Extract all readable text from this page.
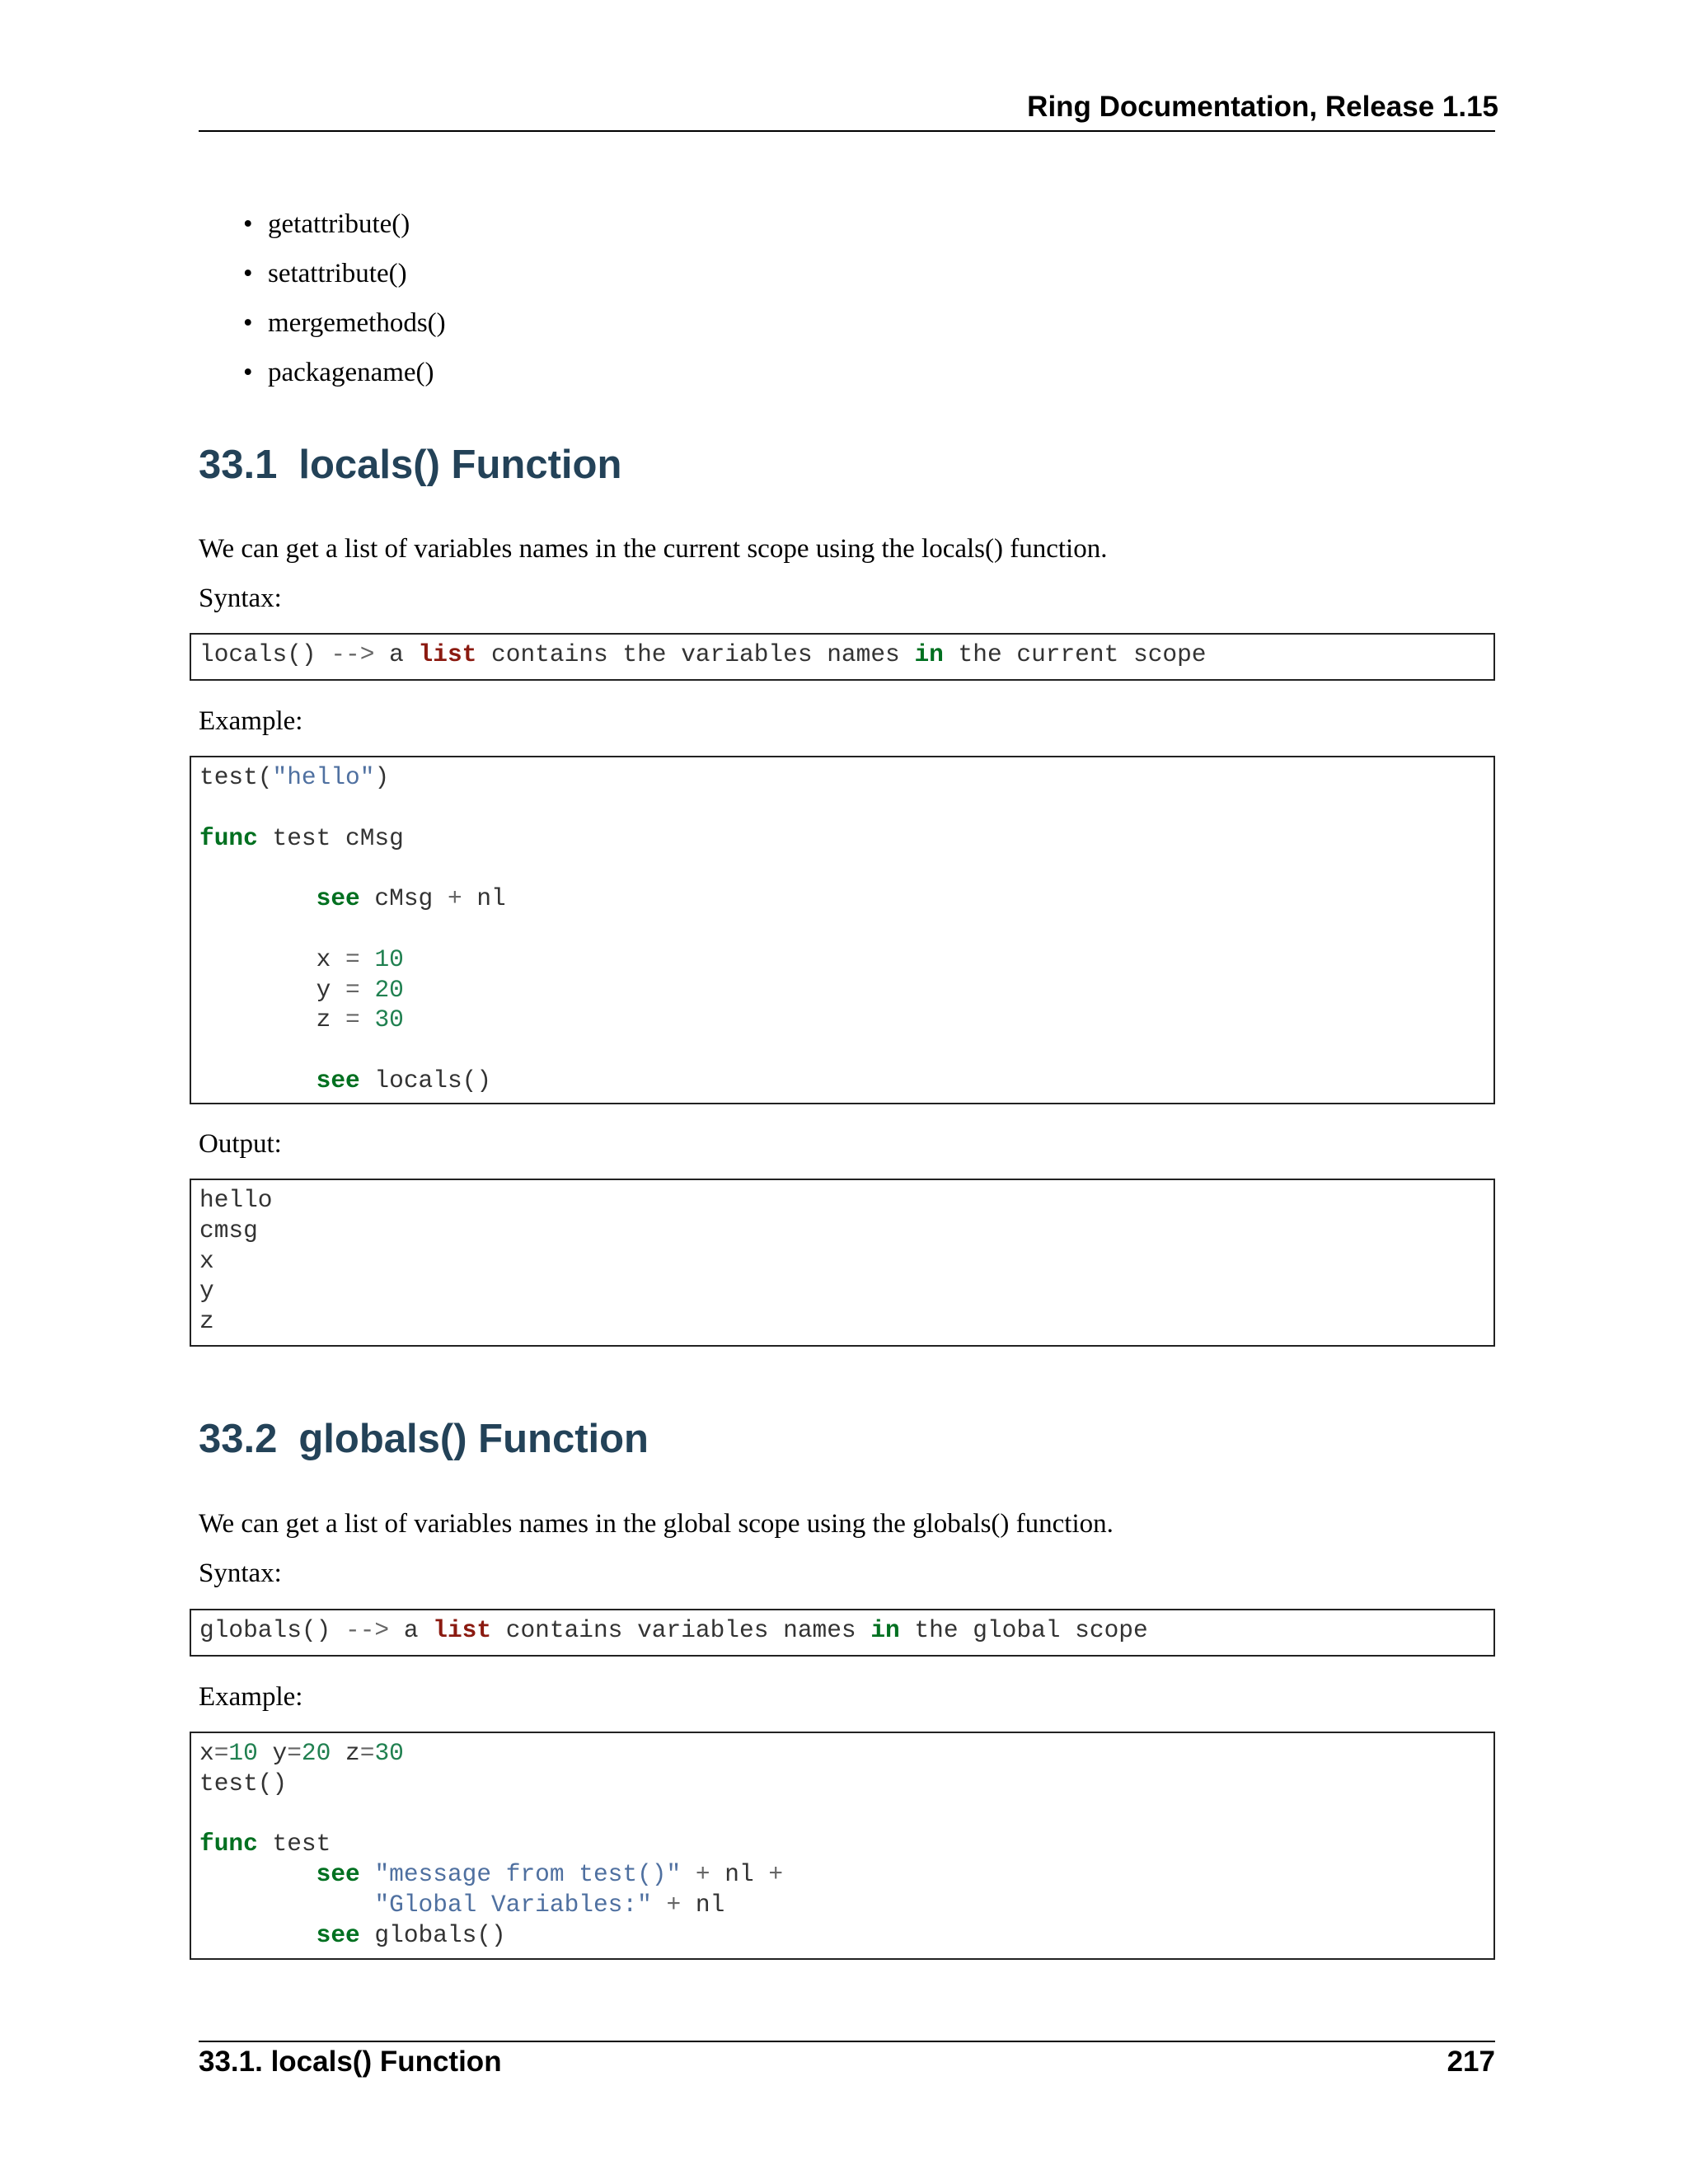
Ring Documentation, Release 1.15
• getattribute()
• setattribute()
• mergemethods()
• packagename()
33.1 locals() Function
We can get a list of variables names in the current scope using the locals() function.
Syntax:
locals() --> a list contains the variables names in the current scope
Example:
test("hello")
func test cMsg
see cMsg + nl
x = 10
y = 20
z = 30
see locals()
Output:
hello
cmsg
x
y
z
33.2 globals() Function
We can get a list of variables names in the global scope using the globals() function.
Syntax:
globals() --> a list contains variables names in the global scope
Example:
x=10 y=20 z=30
test()
func test
see "message from test()" + nl +
"Global Variables:" + nl
see globals()
33.1. locals() Function	217
